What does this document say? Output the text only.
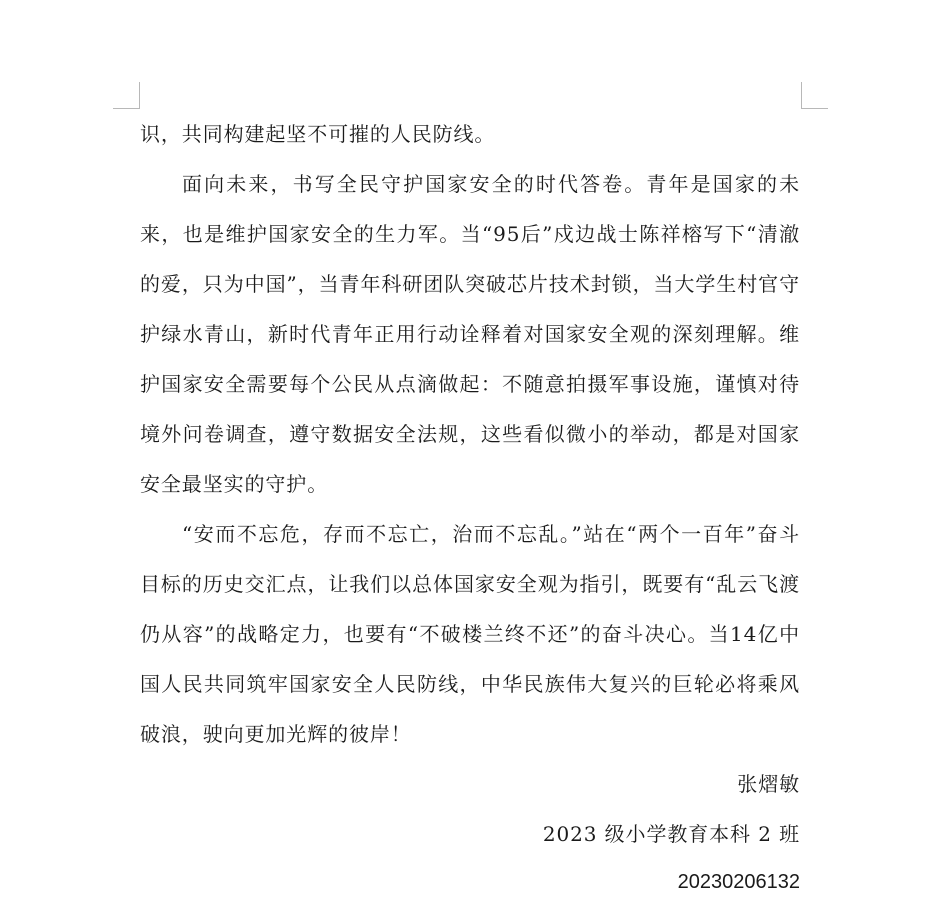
识，共同构建起坚不可摧的人民防线。

面向未来，书写全民守护国家安全的时代答卷。青年是国家的未来，也是维护国家安全的生力军。当“95后”戍边战士陈祥榕写下“清澈的爱，只为中国”，当青年科研团队突破芯片技术封锁，当大学生村官守护绿水青山，新时代青年正用行动诠释着对国家安全观的深刻理解。维护国家安全需要每个公民从点滴做起：不随意拍摄军事设施，谨慎对待境外问卷调查，遵守数据安全法规，这些看似微小的举动，都是对国家安全最坚实的守护。

“安而不忘危，存而不忘亡，治而不忘乱。”站在“两个一百年”奋斗目标的历史交汇点，让我们以总体国家安全观为指引，既要有“乱云飞渡仍从容”的战略定力，也要有“不破楼兰终不还”的奋斗决心。当14亿中国人民共同筑牢国家安全人民防线，中华民族伟大复兴的巨轮必将乘风破浪，驶向更加光辉的彼岸！

张熠敏

2023 级小学教育本科 2 班

20230206132
